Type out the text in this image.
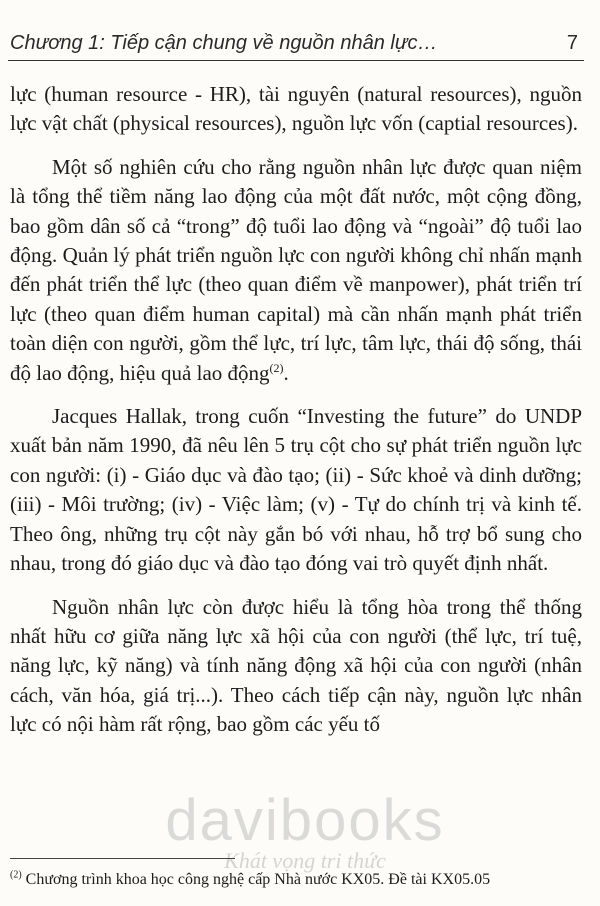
Chương 1: Tiếp cận chung về nguồn nhân lực…	7

lực (human resource - HR), tài nguyên (natural resources), nguồn lực vật chất (physical resources), nguồn lực vốn (captial resources).

Một số nghiên cứu cho rằng nguồn nhân lực được quan niệm là tổng thể tiềm năng lao động của một đất nước, một cộng đồng, bao gồm dân số cả “trong” độ tuổi lao động và “ngoài” độ tuổi lao động. Quản lý phát triển nguồn lực con người không chỉ nhấn mạnh đến phát triển thể lực (theo quan điểm về manpower), phát triển trí lực (theo quan điểm human capital) mà cần nhấn mạnh phát triển toàn diện con người, gồm thể lực, trí lực, tâm lực, thái độ sống, thái độ lao động, hiệu quả lao động$^{(2)}$.

Jacques Hallak, trong cuốn “Investing the future” do UNDP xuất bản năm 1990, đã nêu lên 5 trụ cột cho sự phát triển nguồn lực con người: (i) - Giáo dục và đào tạo; (ii) - Sức khoẻ và dinh dưỡng; (iii) - Môi trường; (iv) - Việc làm; (v) - Tự do chính trị và kinh tế. Theo ông, những trụ cột này gắn bó với nhau, hỗ trợ bổ sung cho nhau, trong đó giáo dục và đào tạo đóng vai trò quyết định nhất.

Nguồn nhân lực còn được hiểu là tổng hòa trong thể thống nhất hữu cơ giữa năng lực xã hội của con người (thể lực, trí tuệ, năng lực, kỹ năng) và tính năng động xã hội của con người (nhân cách, văn hóa, giá trị...). Theo cách tiếp cận này, nguồn lực nhân lực có nội hàm rất rộng, bao gồm các yếu tố

davibooks
Khát vọng tri thức
$^{(2)}$ Chương trình khoa học công nghệ cấp Nhà nước KX05. Đề tài KX05.05
